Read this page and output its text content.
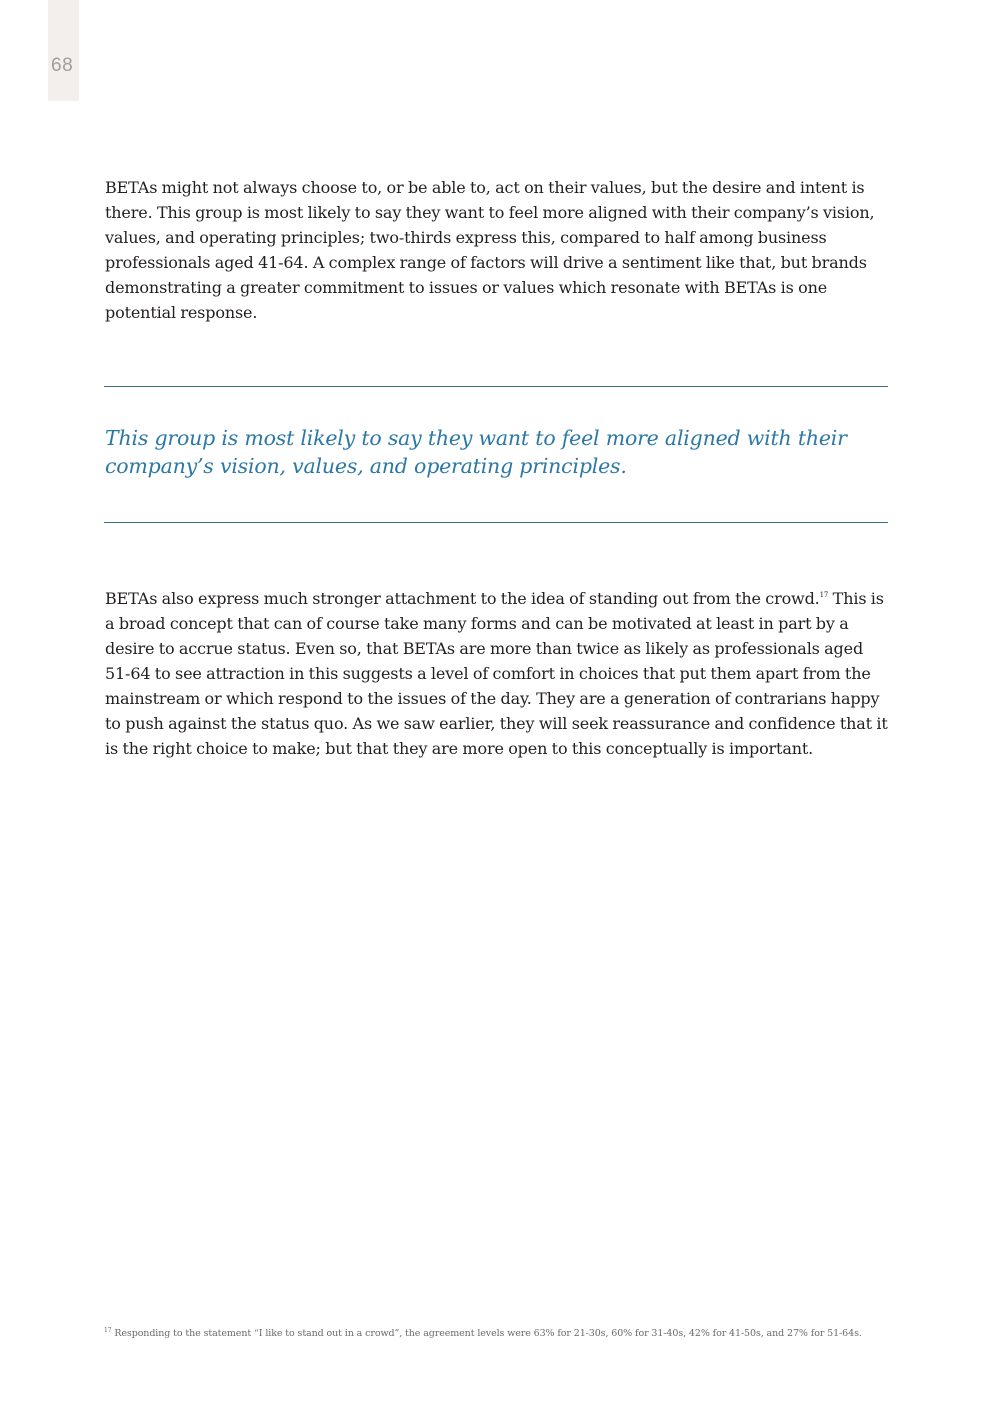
68

BETAs might not always choose to, or be able to, act on their values, but the desire and intent is there. This group is most likely to say they want to feel more aligned with their company’s vision, values, and operating principles; two-thirds express this, compared to half among business professionals aged 41-64. A complex range of factors will drive a sentiment like that, but brands demonstrating a greater commitment to issues or values which resonate with BETAs is one potential response.

This group is most likely to say they want to feel more aligned with their company’s vision, values, and operating principles.

BETAs also express much stronger attachment to the idea of standing out from the crowd.$^{17}$ This is a broad concept that can of course take many forms and can be motivated at least in part by a desire to accrue status. Even so, that BETAs are more than twice as likely as professionals aged 51-64 to see attraction in this suggests a level of comfort in choices that put them apart from the mainstream or which respond to the issues of the day. They are a generation of contrarians happy to push against the status quo. As we saw earlier, they will seek reassurance and confidence that it is the right choice to make; but that they are more open to this conceptually is important.

$^{17}$ Responding to the statement “I like to stand out in a crowd”, the agreement levels were 63% for 21-30s, 60% for 31-40s, 42% for 41-50s, and 27% for 51-64s.
